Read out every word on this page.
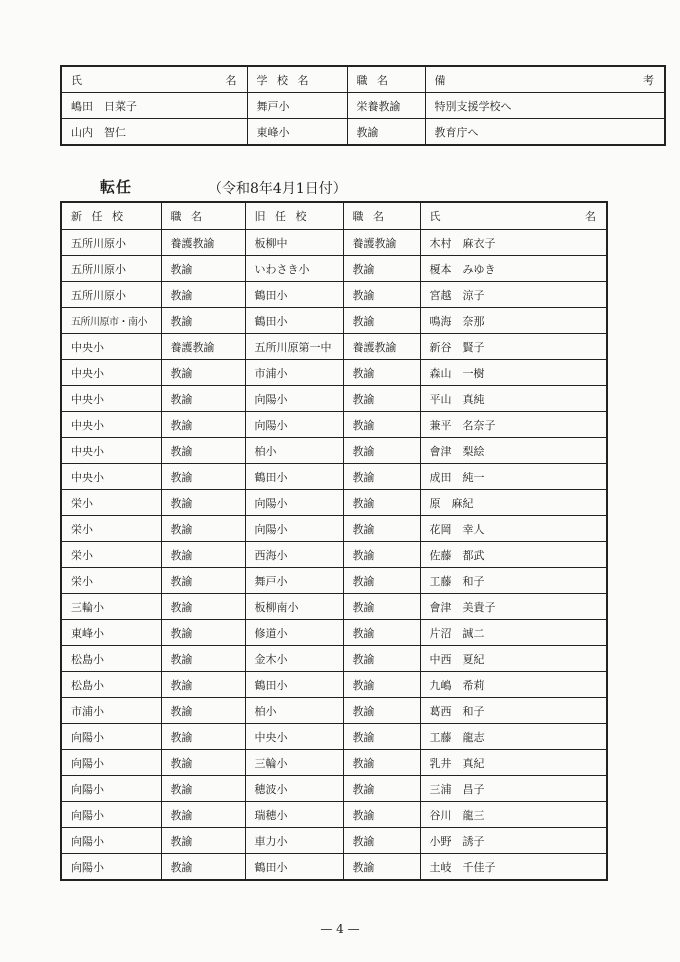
氏 名	学 校 名	職 名	備 考

嶋田　日菜子	舞戸小	栄養教諭	特別支援学校へ
山内　智仁	東峰小	教諭	教育庁へ
転任	（令和8年4月1日付）
新 任 校	職 名	旧 任 校	職 名	氏 名

五所川原小	養護教諭	板柳中	養護教諭	木村　麻衣子
五所川原小	教諭	いわさき小	教諭	榎本　みゆき
五所川原小	教諭	鶴田小	教諭	宮越　涼子
五所川原市・南小	教諭	鶴田小	教諭	鳴海　奈那
中央小	養護教諭	五所川原第一中	養護教諭	新谷　賢子
中央小	教諭	市浦小	教諭	森山　一樹
中央小	教諭	向陽小	教諭	平山　真純
中央小	教諭	向陽小	教諭	兼平　名奈子
中央小	教諭	柏小	教諭	會津　梨絵
中央小	教諭	鶴田小	教諭	成田　純一
栄小	教諭	向陽小	教諭	原　麻紀
栄小	教諭	向陽小	教諭	花岡　幸人
栄小	教諭	西海小	教諭	佐藤　都武
栄小	教諭	舞戸小	教諭	工藤　和子
三輪小	教諭	板柳南小	教諭	會津　美貴子
東峰小	教諭	修道小	教諭	片沼　誠二
松島小	教諭	金木小	教諭	中西　夏紀
松島小	教諭	鶴田小	教諭	九嶋　希莉
市浦小	教諭	柏小	教諭	葛西　和子
向陽小	教諭	中央小	教諭	工藤　龍志
向陽小	教諭	三輪小	教諭	乳井　真紀
向陽小	教諭	穂波小	教諭	三浦　昌子
向陽小	教諭	瑞穂小	教諭	谷川　龍三
向陽小	教諭	車力小	教諭	小野　誘子
向陽小	教諭	鶴田小	教諭	土岐　千佳子
— 4 —
